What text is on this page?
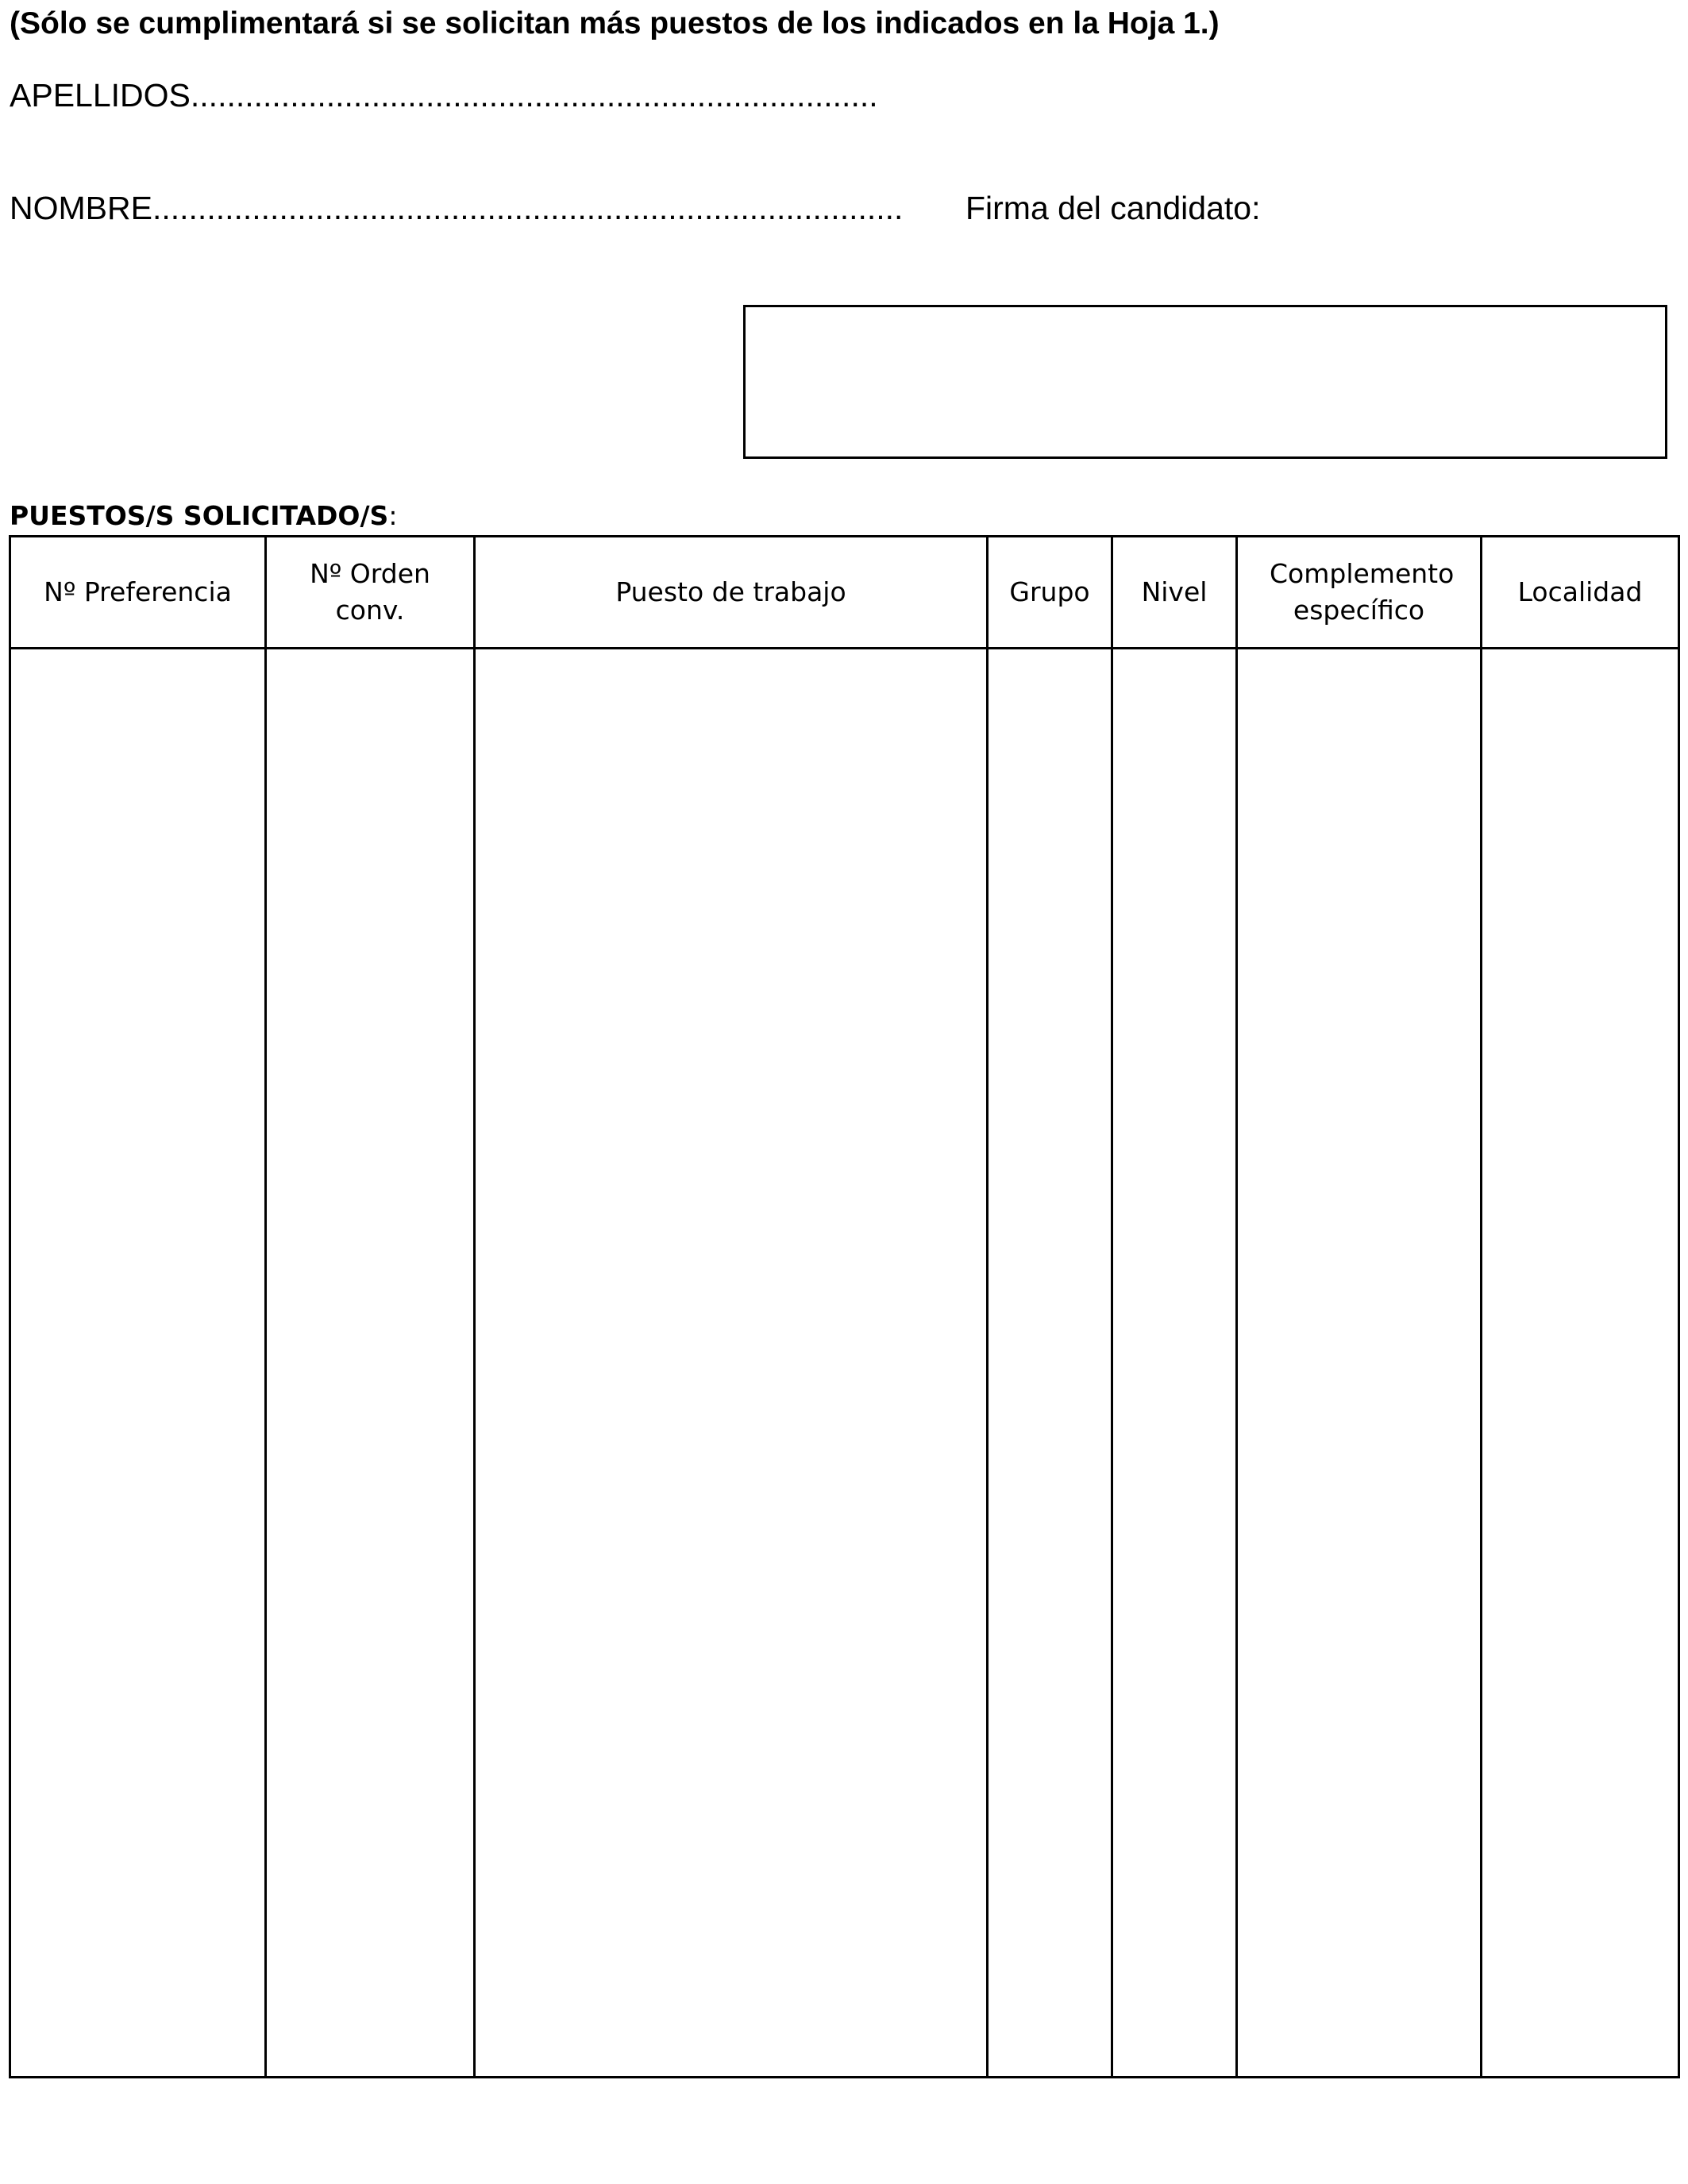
(Sólo se cumplimentará si se solicitan más puestos de los indicados en la Hoja 1.)
APELLIDOS............................................................................
NOMBRE................................................................................... Firma del candidato:
PUESTOS/S SOLICITADO/S:
Nº Preferencia	Nº Orden conv.	Puesto de trabajo	Grupo	Nivel	Complemento específico	Localidad
